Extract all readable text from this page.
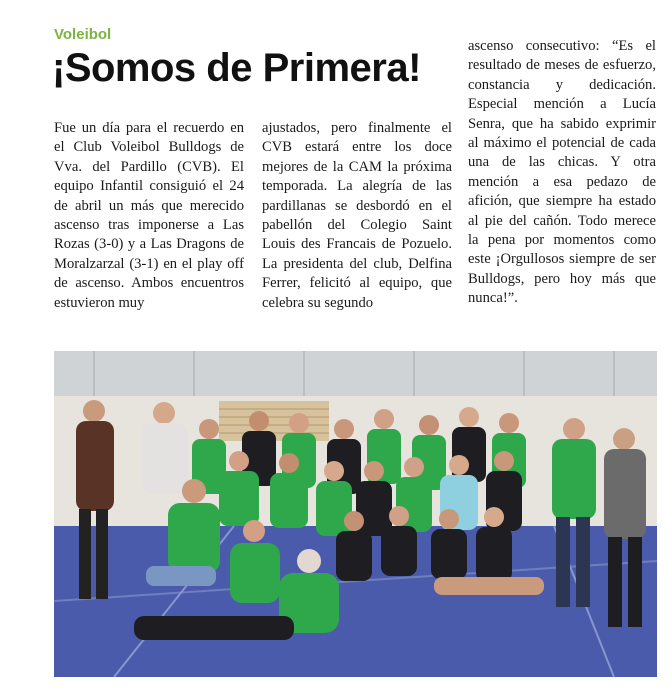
Voleibol
¡Somos de Primera!
Fue un día para el recuerdo en el Club Voleibol Bulldogs de Vva. del Pardillo (CVB). El equipo Infantil consiguió el 24 de abril un más que merecido ascenso tras imponerse a Las Rozas (3-0) y a Las Dragons de Moralzarzal (3-1) en el play off de ascenso. Ambos encuentros estuvieron muy
ajustados, pero finalmente el CVB estará entre los doce mejores de la CAM la próxima temporada. La alegría de las pardillanas se desbordó en el pabellón del Colegio Saint Louis des Francais de Pozuelo. La presidenta del club, Delfina Ferrer, felicitó al equipo, que celebra su segundo
ascenso consecutivo: “Es el resultado de meses de esfuerzo, constancia y dedicación. Especial mención a Lucía Senra, que ha sabido exprimir al máximo el potencial de cada una de las chicas. Y otra mención a esa pedazo de afición, que siempre ha estado al pie del cañón. Todo merece la pena por momentos como este ¡Orgullosos siempre de ser Bulldogs, pero hoy más que nunca!”.
